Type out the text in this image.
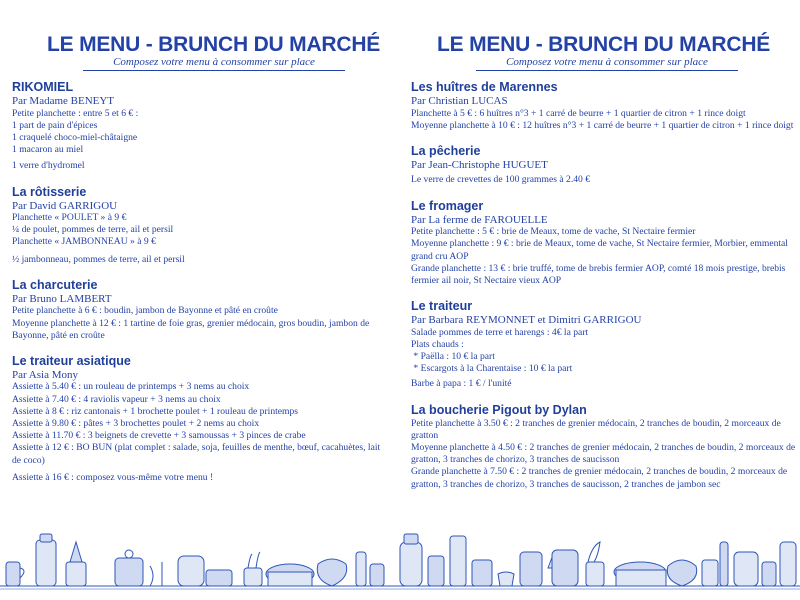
LE MENU - BRUNCH DU MARCHÉ
Composez votre menu à consommer sur place
RIKOMIEL

Par Madame BENEYT

Petite planchette : entre 5 et 6 € :

1 part de pain d'épices

1 craquelé choco-miel-châtaigne

1 macaron au miel

1 verre d'hydromel

La rôtisserie

Par David GARRIGOU

Planchette « POULET » à 9 €

¼ de poulet, pommes de terre, ail et persil

Planchette « JAMBONNEAU » à 9 €

½ jambonneau, pommes de terre, ail et persil

La charcuterie

Par Bruno LAMBERT

Petite planchette à 6 € : boudin, jambon de Bayonne et pâté en croûte

Moyenne planchette à 12 € : 1 tartine de foie gras, grenier médocain, gros boudin, jambon de Bayonne, pâté en croûte

Le traiteur asiatique

Par Asia Mony

Assiette à 5.40 € : un rouleau de printemps + 3 nems au choix

Assiette à 7.40 € : 4 raviolis vapeur + 3 nems au choix

Assiette à 8 € : riz cantonais + 1 brochette poulet + 1 rouleau de printemps

Assiette à 9.80 € : pâtes + 3 brochettes poulet + 2 nems au choix

Assiette à 11.70 € : 3 beignets de crevette + 3 samoussas + 3 pinces de crabe

Assiette à 12 € : BO BUN (plat complet : salade, soja, feuilles de menthe, bœuf, cacahuètes, lait de coco)

Assiette à 16 € : composez vous-même votre menu !

LE MENU - BRUNCH DU MARCHÉ
Composez votre menu à consommer sur place
Les huîtres de Marennes

Par Christian LUCAS

Planchette à 5 € : 6 huîtres n°3 + 1 carré de beurre + 1 quartier de citron + 1 rince doigt

Moyenne planchette à 10 € : 12 huîtres n°3 + 1 carré de beurre + 1 quartier de citron + 1 rince doigt

La pêcherie

Par Jean-Christophe HUGUET

Le verre de crevettes de 100 grammes à 2.40 €

Le fromager

Par La ferme de FAROUELLE

Petite planchette : 5 € : brie de Meaux, tome de vache, St Nectaire fermier

Moyenne planchette : 9 € : brie de Meaux, tome de vache, St Nectaire fermier, Morbier, emmental grand cru AOP

Grande planchette : 13 € : brie truffé, tome de brebis fermier AOP, comté 18 mois prestige, brebis fermier ail noir, St Nectaire vieux AOP

Le traiteur

Par Barbara REYMONNET et Dimitri GARRIGOU

Salade pommes de terre et harengs : 4€ la part

Plats chauds :

* Paëlla : 10 € la part

* Escargots à la Charentaise : 10 € la part

Barbe à papa : 1 € / l'unité

La boucherie Pigout by Dylan

Petite planchette à 3.50 € : 2 tranches de grenier médocain, 2 tranches de boudin, 2 morceaux de gratton

Moyenne planchette à 4.50 € : 2 tranches de grenier médocain, 2 tranches de boudin, 2 morceaux de gratton, 3 tranches de chorizo, 3 tranches de saucisson

Grande planchette à 7.50 € : 2 tranches de grenier médocain, 2 tranches de boudin, 2 morceaux de gratton, 3 tranches de chorizo, 3 tranches de saucisson, 2 tranches de jambon sec
